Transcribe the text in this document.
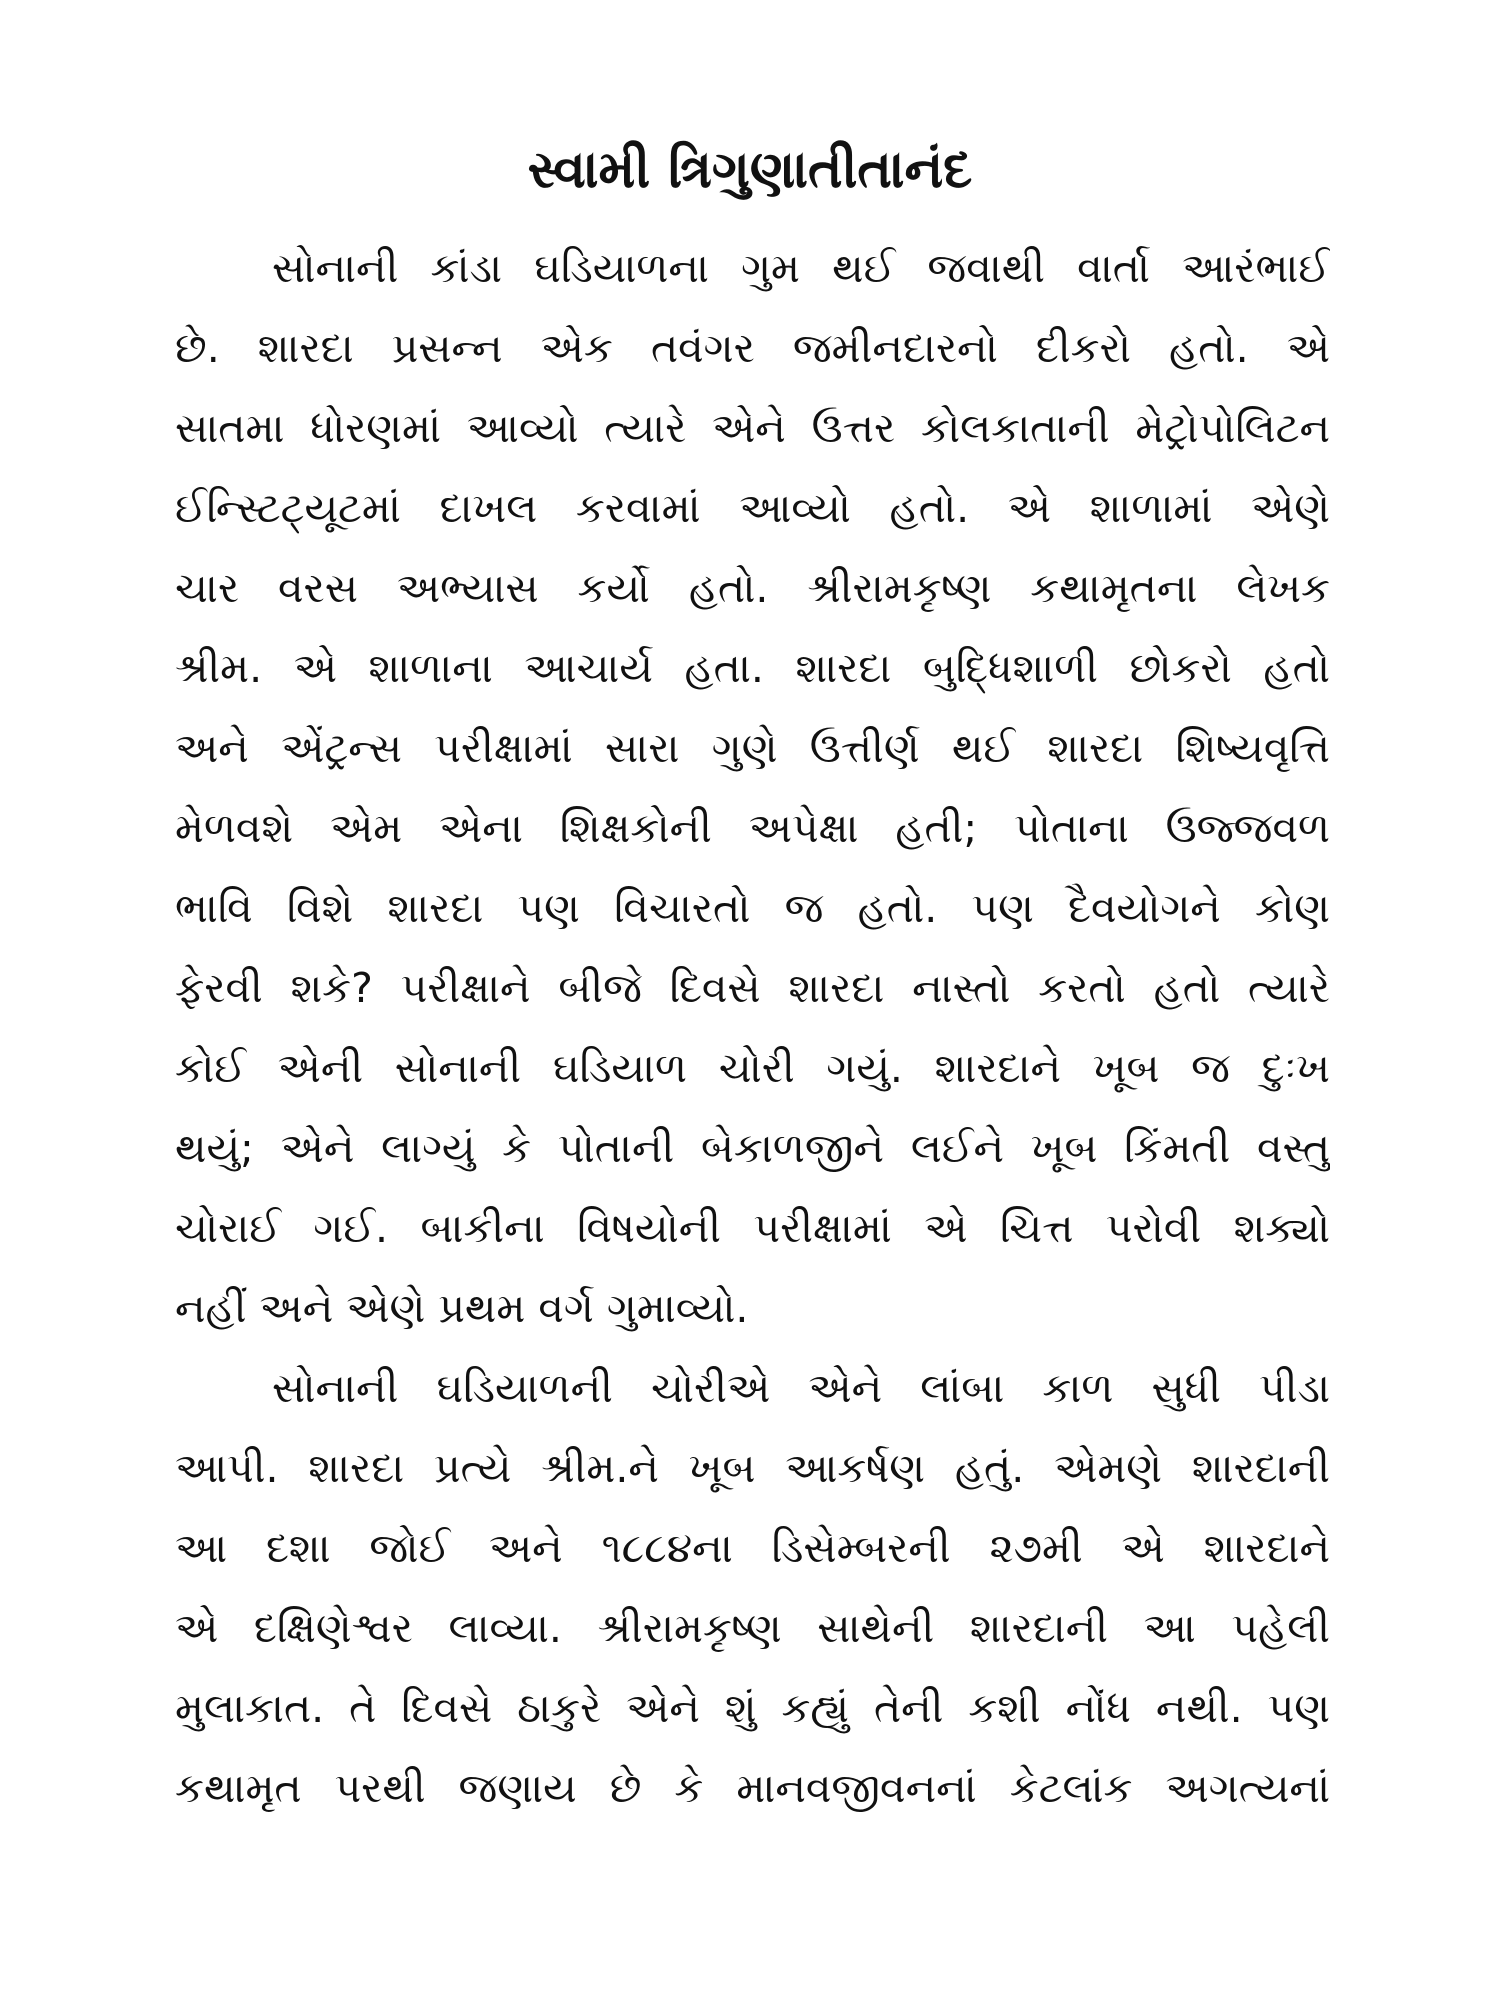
સ્વામી ત્રિગુણાતીતાનંદ
સોનાની કાંડા ઘડિયાળના ગુમ થઈ જવાથી વાર્તા આરંભાઈ
છે. શારદા પ્રસન્ન એક તવંગર જમીનદારનો દીકરો હતો. એ
સાતમા ધોરણમાં આવ્યો ત્યારે એને ઉત્તર કોલકાતાની મેટ્રોપોલિટન
ઈન્સ્ટિટ્યૂટમાં દાખલ કરવામાં આવ્યો હતો. એ શાળામાં એણે
ચાર વરસ અભ્યાસ કર્યો હતો. શ્રીરામકૃષ્ણ કથામૃતના લેખક
શ્રીમ. એ શાળાના આચાર્ય હતા. શારદા બુદ્ધિશાળી છોકરો હતો
અને એંટ્રન્સ પરીક્ષામાં સારા ગુણે ઉત્તીર્ણ થઈ શારદા શિષ્યવૃત્તિ
મેળવશે એમ એના શિક્ષકોની અપેક્ષા હતી; પોતાના ઉજ્જવળ
ભાવિ વિશે શારદા પણ વિચારતો જ હતો. પણ દૈવયોગને કોણ
ફેરવી શકે? પરીક્ષાને બીજે દિવસે શારદા નાસ્તો કરતો હતો ત્યારે
કોઈ એની સોનાની ઘડિયાળ ચોરી ગયું. શારદાને ખૂબ જ દુઃખ
થયું; એને લાગ્યું કે પોતાની બેકાળજીને લઈને ખૂબ કિંમતી વસ્તુ
ચોરાઈ ગઈ. બાકીના વિષયોની પરીક્ષામાં એ ચિત્ત પરોવી શક્યો
નહીં અને એણે પ્રથમ વર્ગ ગુમાવ્યો.
સોનાની ઘડિયાળની ચોરીએ એને લાંબા કાળ સુધી પીડા
આપી. શારદા પ્રત્યે શ્રીમ.ને ખૂબ આકર્ષણ હતું. એમણે શારદાની
આ દશા જોઈ અને ૧૮૮૪ના ડિસેમ્બરની ૨૭મી એ શારદાને
એ દક્ષિણેશ્વર લાવ્યા. શ્રીરામકૃષ્ણ સાથેની શારદાની આ પહેલી
મુલાકાત. તે દિવસે ઠાકુરે એને શું કહ્યું તેની કશી નોંધ નથી. પણ
કથામૃત પરથી જણાય છે કે માનવજીવનનાં કેટલાંક અગત્યનાં
